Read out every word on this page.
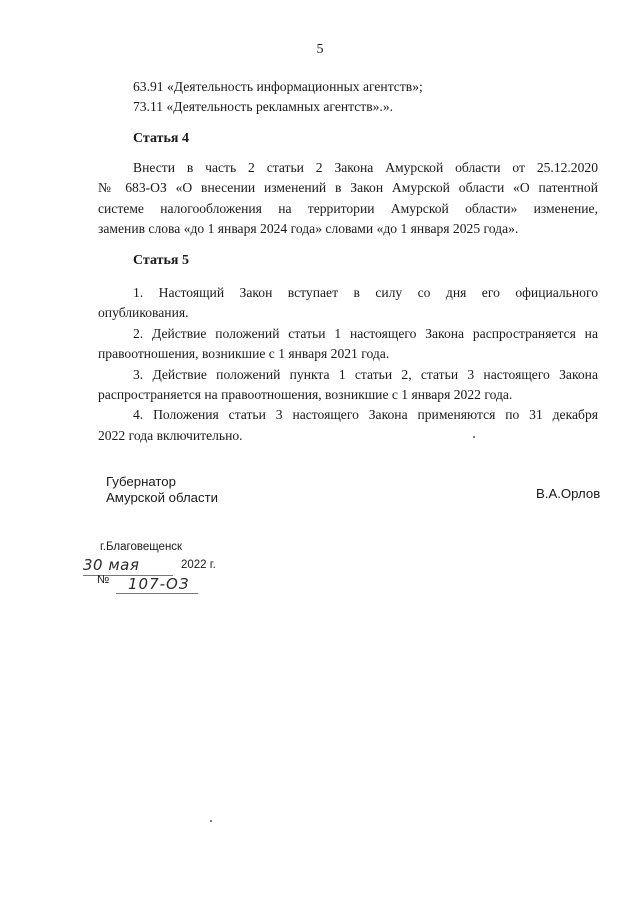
5
63.91 «Деятельность информационных агентств»;
73.11 «Деятельность рекламных агентств».».
Статья 4
Внести в часть 2 статьи 2 Закона Амурской области от 25.12.2020
№ 683-ОЗ «О внесении изменений в Закон Амурской области «О патентной
системе налогообложения на территории Амурской области» изменение,
заменив слова «до 1 января 2024 года» словами «до 1 января 2025 года».
Статья 5
1. Настоящий Закон вступает в силу со дня его официального
опубликования.
2. Действие положений статьи 1 настоящего Закона распространяется на
правоотношения, возникшие с 1 января 2021 года.
3. Действие положений пункта 1 статьи 2, статьи 3 настоящего Закона
распространяется на правоотношения, возникшие с 1 января 2022 года.
4. Положения статьи 3 настоящего Закона применяются по 31 декабря
2022 года включительно.
Губернатор
Амурской области	В.А.Орлов
г.Благовещенск
30 мая	2022 г.
№ 107-ОЗ
